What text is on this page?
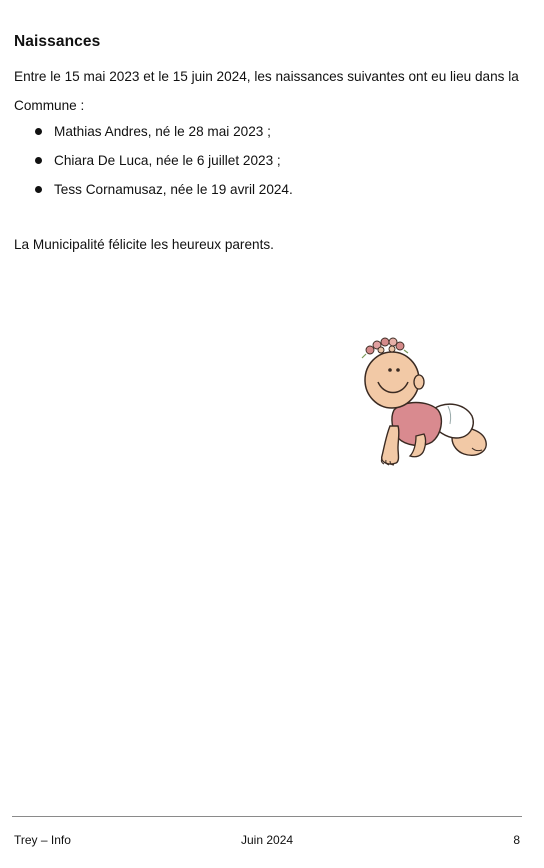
Naissances
Entre le 15 mai 2023 et le 15 juin 2024, les naissances suivantes ont eu lieu dans la Commune :
Mathias Andres, né le 28 mai 2023 ;
Chiara De Luca, née le 6 juillet 2023 ;
Tess Cornamusaz, née le 19 avril 2024.
La Municipalité félicite les heureux parents.
Trey – Info	Juin 2024	8
